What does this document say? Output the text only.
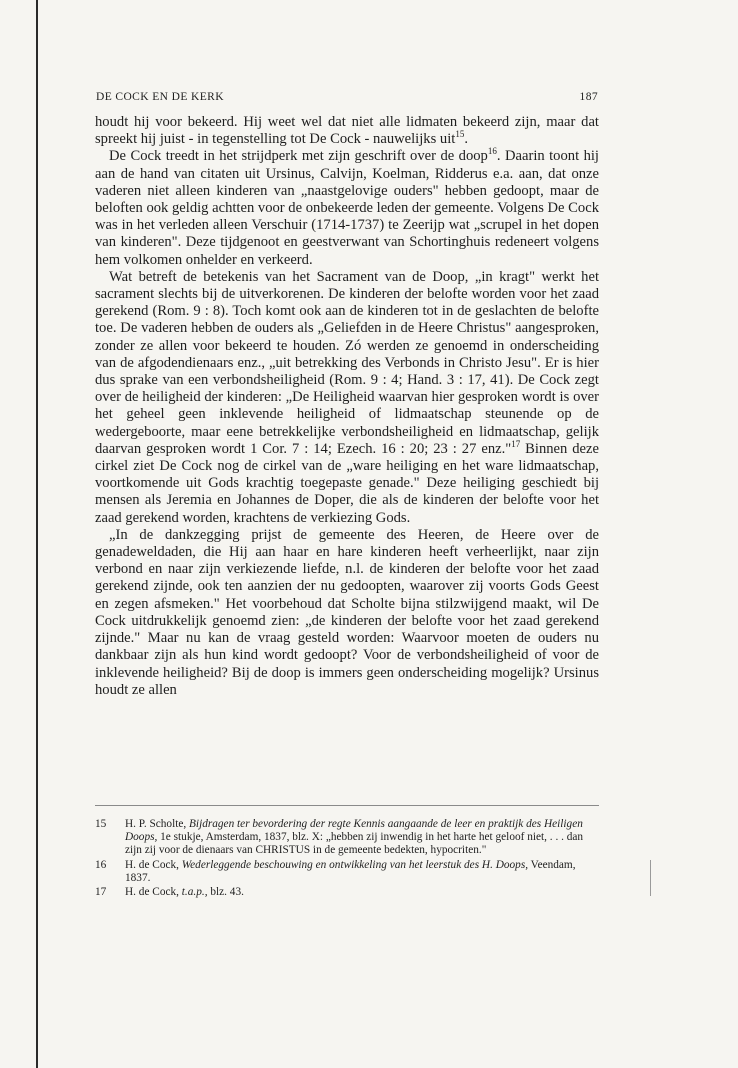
DE COCK EN DE KERK	187

houdt hij voor bekeerd. Hij weet wel dat niet alle lidmaten bekeerd zijn, maar dat spreekt hij juist - in tegenstelling tot De Cock - nauwelijks uit$^{15}$.

De Cock treedt in het strijdperk met zijn geschrift over de doop$^{16}$. Daarin toont hij aan de hand van citaten uit Ursinus, Calvijn, Koelman, Ridderus e.a. aan, dat onze vaderen niet alleen kinderen van „naastgelovige ouders" hebben gedoopt, maar de beloften ook geldig achtten voor de onbekeerde leden der gemeente. Volgens De Cock was in het verleden alleen Verschuir (1714-1737) te Zeerijp wat „scrupel in het dopen van kinderen". Deze tijdgenoot en geestverwant van Schortinghuis redeneert volgens hem volkomen onhelder en verkeerd.

Wat betreft de betekenis van het Sacrament van de Doop, „in kragt" werkt het sacrament slechts bij de uitverkorenen. De kinderen der belofte worden voor het zaad gerekend (Rom. 9 : 8). Toch komt ook aan de kinderen tot in de geslachten de belofte toe. De vaderen hebben de ouders als „Geliefden in de Heere Christus" aangesproken, zonder ze allen voor bekeerd te houden. Zó werden ze genoemd in onderscheiding van de afgodendienaars enz., „uit betrekking des Verbonds in Christo Jesu". Er is hier dus sprake van een verbondsheiligheid (Rom. 9 : 4; Hand. 3 : 17, 41). De Cock zegt over de heiligheid der kinderen: „De Heiligheid waarvan hier gesproken wordt is over het geheel geen inklevende heiligheid of lidmaatschap steunende op de wedergeboorte, maar eene betrekkelijke verbondsheiligheid en lidmaatschap, gelijk daarvan gesproken wordt 1 Cor. 7 : 14; Ezech. 16 : 20; 23 : 27 enz."$^{17}$ Binnen deze cirkel ziet De Cock nog de cirkel van de „ware heiliging en het ware lidmaatschap, voortkomende uit Gods krachtig toegepaste genade." Deze heiliging geschiedt bij mensen als Jeremia en Johannes de Doper, die als de kinderen der belofte voor het zaad gerekend worden, krachtens de verkiezing Gods.

„In de dankzegging prijst de gemeente des Heeren, de Heere over de genadeweldaden, die Hij aan haar en hare kinderen heeft verheerlijkt, naar zijn verbond en naar zijn verkiezende liefde, n.l. de kinderen der belofte voor het zaad gerekend zijnde, ook ten aanzien der nu gedoopten, waarover zij voorts Gods Geest en zegen afsmeken." Het voorbehoud dat Scholte bijna stilzwijgend maakt, wil De Cock uitdrukkelijk genoemd zien: „de kinderen der belofte voor het zaad gerekend zijnde." Maar nu kan de vraag gesteld worden: Waarvoor moeten de ouders nu dankbaar zijn als hun kind wordt gedoopt? Voor de verbondsheiligheid of voor de inklevende heiligheid? Bij de doop is immers geen onderscheiding mogelijk? Ursinus houdt ze allen

15 H. P. Scholte, Bijdragen ter bevordering der regte Kennis aangaande de leer en praktijk des Heiligen Doops, 1e stukje, Amsterdam, 1837, blz. X: „hebben zij inwendig in het harte het geloof niet, . . . dan zijn zij voor de dienaars van CHRISTUS in de gemeente bedekten, hypocriten."
16 H. de Cock, Wederleggende beschouwing en ontwikkeling van het leerstuk des H. Doops, Veendam, 1837.
17 H. de Cock, t.a.p., blz. 43.
